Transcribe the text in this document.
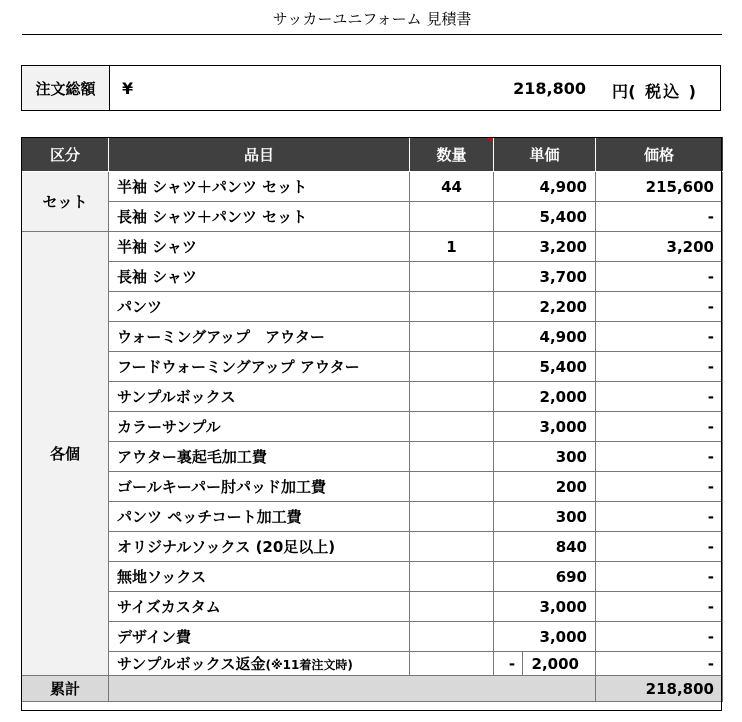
サッカーユニフォーム 見積書
注文総額	¥	218,800 円 ( 税込 )
区分	品目	数量	単価	価格
セット	半袖 シャツ＋パンツ セット	44	4,900	215,600
	長袖 シャツ＋パンツ セット		5,400	-
各個	半袖 シャツ	1	3,200	3,200
	長袖 シャツ		3,700	-
	パンツ		2,200	-
	ウォーミングアップ　アウター		4,900	-
	フードウォーミングアップ アウター		5,400	-
	サンプルボックス		2,000	-
	カラーサンプル		3,000	-
	アウター裏起毛加工費		300	-
	ゴールキーパー肘パッド加工費		200	-
	パンツ ペッチコート加工費		300	-
	オリジナルソックス (20足以上)		840	-
	無地ソックス		690	-
	サイズカスタム		3,000	-
	デザイン費		3,000	-
	サンプルボックス返金(※11着注文時)		- 2,000	-
累計				218,800
